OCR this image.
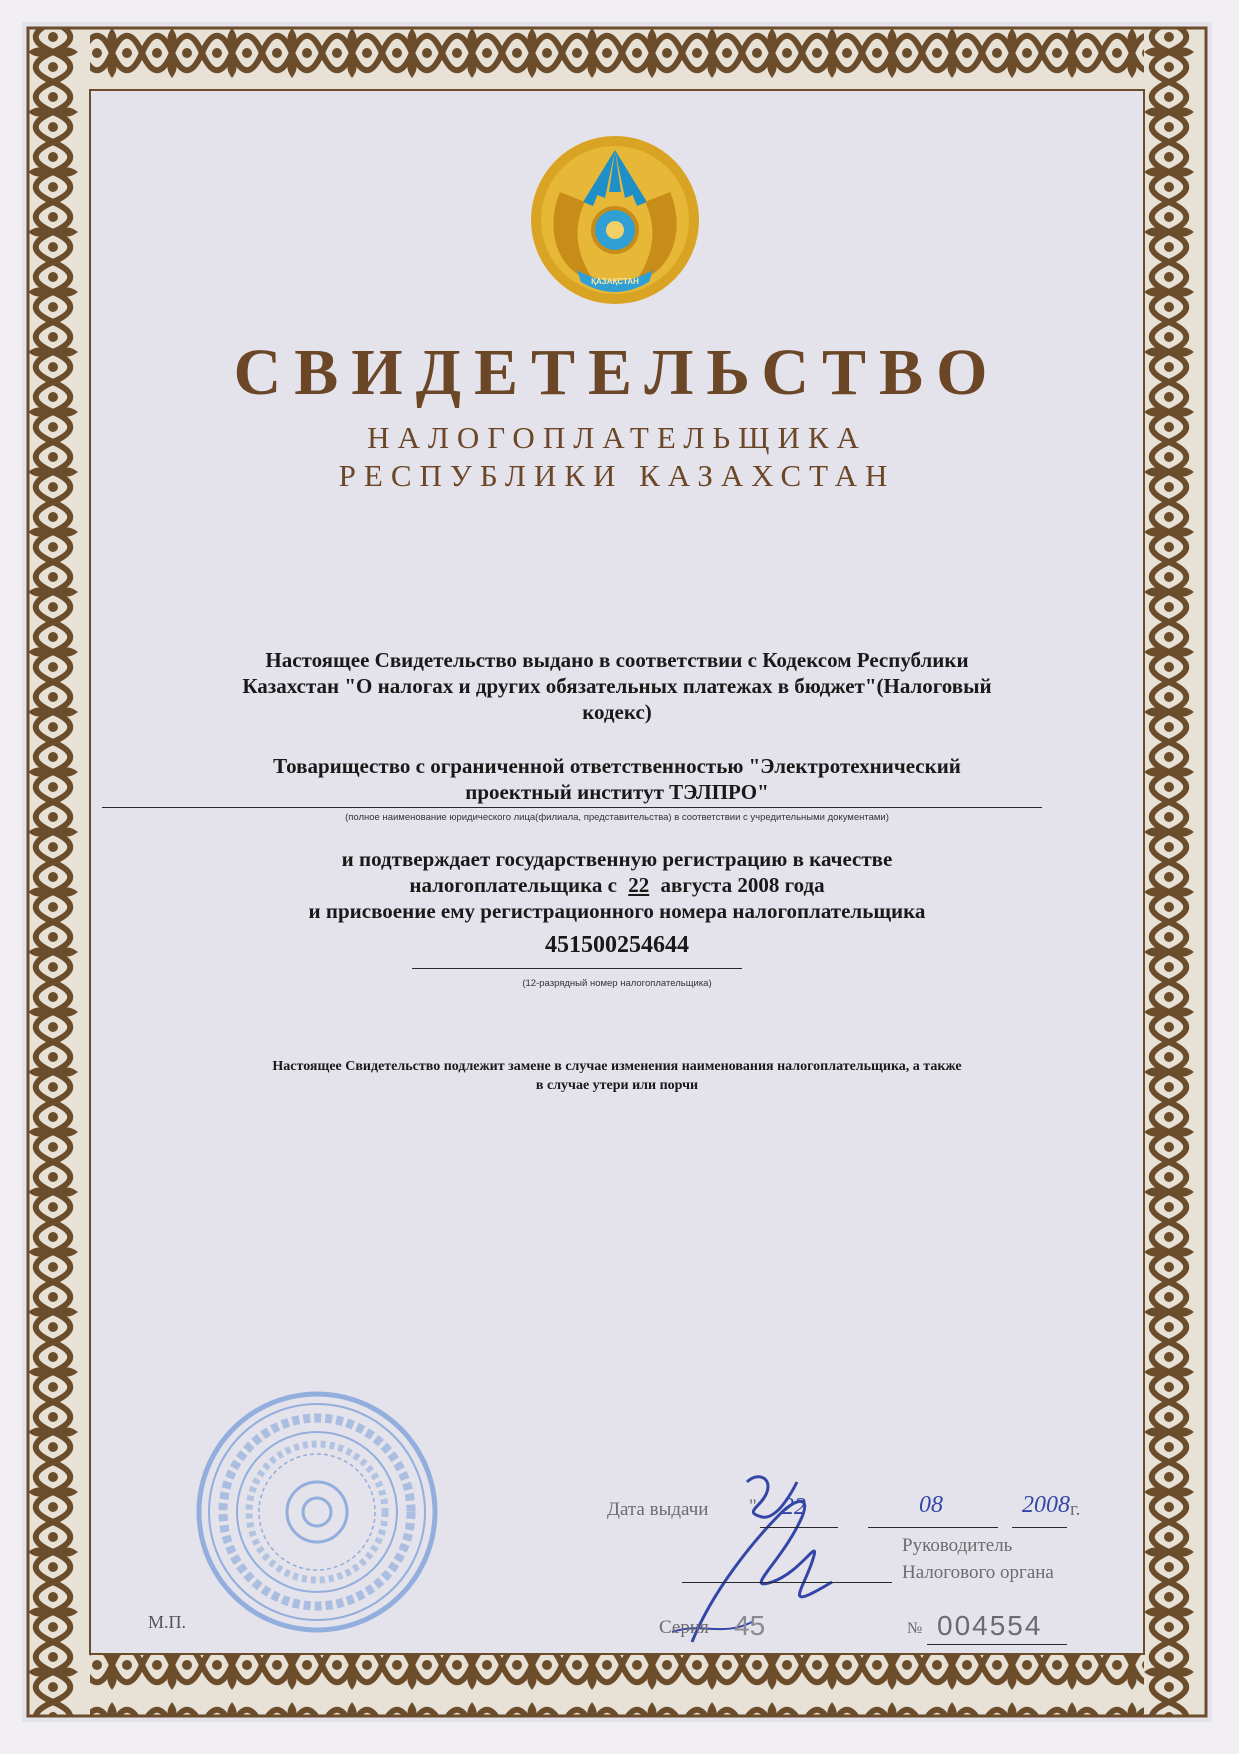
ҚАЗАҚСТАН
СВИДЕТЕЛЬСТВО
НАЛОГОПЛАТЕЛЬЩИКА
РЕСПУБЛИКИ КАЗАХСТАН
Настоящее Свидетельство выдано в соответствии с Кодексом Республики
Казахстан "О налогах и других обязательных платежах в бюджет"(Налоговый
кодекс)
Товарищество с ограниченной ответственностью "Электротехнический
проектный институт ТЭЛПРО"
(полное наименование юридического лица(филиала, представительства) в соответствии с учредительными документами)
и подтверждает государственную регистрацию в качестве
налогоплательщика с 22 августа 2008 года
и присвоение ему регистрационного номера налогоплательщика
451500254644
(12-разрядный номер налогоплательщика)
Настоящее Свидетельство подлежит замене в случае изменения наименования налогоплательщика, а также
в случае утери или порчи
М.П.
Дата выдачи " 22	08	2008 г.
Руководитель
Налогового органа
Серия 45	№ 004554
